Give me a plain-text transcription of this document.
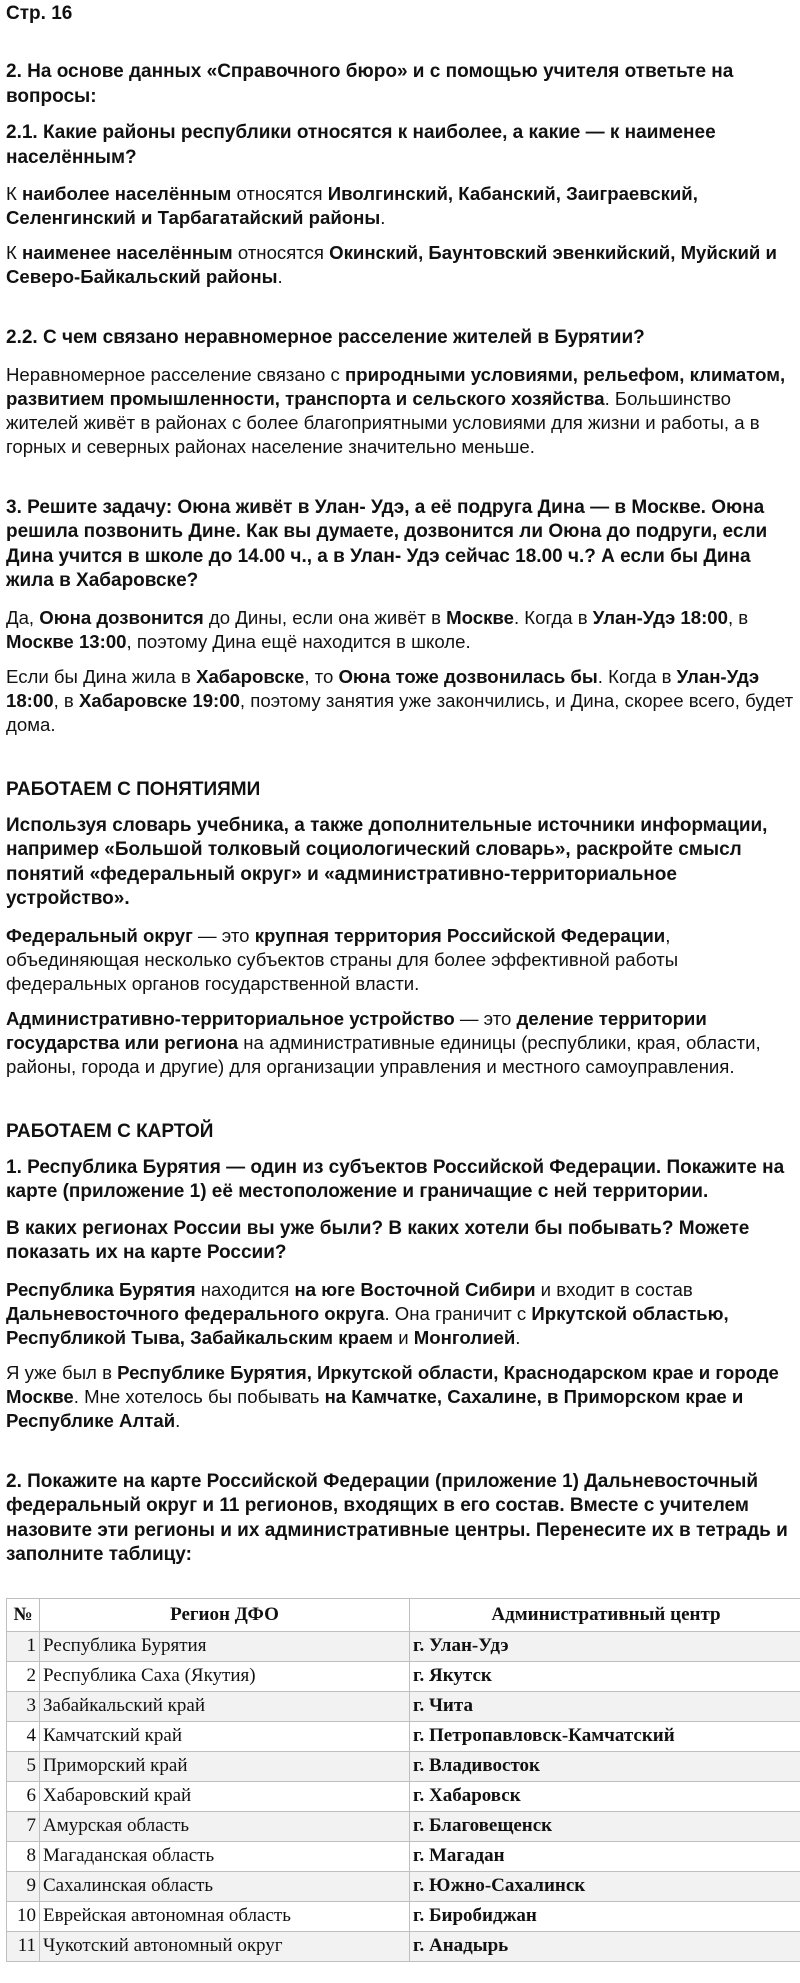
Стр. 16
2. На основе данных «Справочного бюро» и с помощью учителя ответьте на вопросы:
2.1. Какие районы республики относятся к наиболее, а какие — к наименее населённым?
К наиболее населённым относятся Иволгинский, Кабанский, Заиграевский, Селенгинский и Тарбагатайский районы.
К наименее населённым относятся Окинский, Баунтовский эвенкийский, Муйский и Северо-Байкальский районы.
2.2. С чем связано неравномерное расселение жителей в Бурятии?
Неравномерное расселение связано с природными условиями, рельефом, климатом, развитием промышленности, транспорта и сельского хозяйства. Большинство жителей живёт в районах с более благоприятными условиями для жизни и работы, а в горных и северных районах население значительно меньше.
3. Решите задачу: Оюна живёт в Улан- Удэ, а её подруга Дина — в Москве. Оюна решила позвонить Дине. Как вы думаете, дозвонится ли Оюна до подруги, если Дина учится в школе до 14.00 ч., а в Улан- Удэ сейчас 18.00 ч.? А если бы Дина жила в Хабаровске?
Да, Оюна дозвонится до Дины, если она живёт в Москве. Когда в Улан-Удэ 18:00, в Москве 13:00, поэтому Дина ещё находится в школе.
Если бы Дина жила в Хабаровске, то Оюна тоже дозвонилась бы. Когда в Улан-Удэ 18:00, в Хабаровске 19:00, поэтому занятия уже закончились, и Дина, скорее всего, будет дома.
РАБОТАЕМ С ПОНЯТИЯМИ
Используя словарь учебника, а также дополнительные источники информации, например «Большой толковый социологический словарь», раскройте смысл понятий «федеральный округ» и «административно-территориальное устройство».
Федеральный округ — это крупная территория Российской Федерации, объединяющая несколько субъектов страны для более эффективной работы федеральных органов государственной власти.
Административно-территориальное устройство — это деление территории государства или региона на административные единицы (республики, края, области, районы, города и другие) для организации управления и местного самоуправления.
РАБОТАЕМ С КАРТОЙ
1. Республика Бурятия — один из субъектов Российской Федерации. Покажите на карте (приложение 1) её местоположение и граничащие с ней территории.
В каких регионах России вы уже были? В каких хотели бы побывать? Можете показать их на карте России?
Республика Бурятия находится на юге Восточной Сибири и входит в состав Дальневосточного федерального округа. Она граничит с Иркутской областью, Республикой Тыва, Забайкальским краем и Монголией.
Я уже был в Республике Бурятия, Иркутской области, Краснодарском крае и городе Москве. Мне хотелось бы побывать на Камчатке, Сахалине, в Приморском крае и Республике Алтай.
2. Покажите на карте Российской Федерации (приложение 1) Дальневосточный федеральный округ и 11 регионов, входящих в его состав. Вместе с учителем назовите эти регионы и их административные центры. Перенесите их в тетрадь и заполните таблицу:
№	Регион ДФО	Административный центр
1	Республика Бурятия	г. Улан-Удэ
2	Республика Саха (Якутия)	г. Якутск
3	Забайкальский край	г. Чита
4	Камчатский край	г. Петропавловск-Камчатский
5	Приморский край	г. Владивосток
6	Хабаровский край	г. Хабаровск
7	Амурская область	г. Благовещенск
8	Магаданская область	г. Магадан
9	Сахалинская область	г. Южно-Сахалинск
10	Еврейская автономная область	г. Биробиджан
11	Чукотский автономный округ	г. Анадырь
